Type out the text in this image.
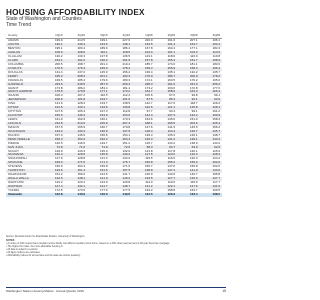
HOUSING AFFORDABILITY INDEX
State of Washington and Counties
Time Trend
County	1Q10	2Q10	3Q10	4Q10	1Q09	2Q09	3Q09	4Q09
ADAMS	199.9	213.5	199.1	227.0	220.0	191.6	207.1	196.1
ASOTIN	140.1	140.4	143.6	148.1	133.5	131.4	154.7	163.4
BENTON	195.1	183.4	189.6	186.4	167.8	163.4	177.1	184.3
CHELAN	109.0	108.0	116.1	118.5	104.4	101.1	103.3	114.5
CLALLAM	130.2	130.3	137.8	136.5	123.1	118.6	116.9	119.8
CLARK	154.1	161.0	160.2	161.9	157.8	155.4	151.7	158.9
COLUMBIA	200.5	198.7	201.4	219.4	185.7	174.0	181.1	183.6
COWLITZ	170.5	176.3	169.6	178.4	159.3	156.9	158.3	166.4
DOUGLAS	131.4	137.2	145.0	156.2	136.4	135.1	132.2	135.7
FERRY	195.2	208.3	201.1	192.3	176.0	186.7	200.0	178.2
FRANKLIN	169.5	185.4	179.6	180.3	172.1	163.5	176.2	165.0
GARFIELD	233.6	249.5	257.0	260.4	238.3	191.6	231.0	256.2
GRANT	173.8	186.2	183.4	181.4	173.2	160.0	172.8	177.6
GRAYS HARBOR	175.5	170.8	177.1	172.2	164.7	158.6	163.3	166.4
ISLAND	106.3	107.2	110.5	112.4	105.6	97.6	99.8	99.1
JEFFERSON	100.6	101.8	103.7	101.6	87.5	86.3	92.1	94.0
KING	131.6	128.4	133.7	138.5	122.7	117.6	118.7	126.2
KITSAP	131.5	133.1	134.6	139.8	122.6	121.1	125.8	128.1
KITTITAS	107.6	105.4	107.3	112.8	97.7	94.3	99.1	101.2
KLICKITAT	155.6	146.3	154.9	153.6	144.4	137.3	142.2	150.9
LEWIS	161.9	162.9	166.1	170.3	154.6	145.0	151.9	158.4
LINCOLN	212.8	214.6	225.9	207.3	188.1	195.5	203.6	225.4
MASON	157.5	155.9	160.7	170.8	147.6	141.5	145.5	156.2
OKANOGAN	134.2	134.3	136.9	137.5	128.4	114.4	126.7	125.7
PACIFIC	157.0	145.6	156.6	154.1	139.4	135.3	146.1	148.7
PEND OREILLE	156.3	154.4	152.2	164.4	146.3	141.2	139.1	143.2
PIERCE	146.5	146.6	149.7	151.2	135.7	133.2	138.9	143.2
SAN JUAN	72.8	71.6	74.9	72.6	68.3	64.7	63.0	63.6
SKAGIT	129.0	130.3	135.0	132.6	121.8	117.8	120.1	125.9
SKAMANIA	132.3	129.6	135.8	140.2	127.5	124.0	120.4	128.3
SNOHOMISH	127.6	128.8	131.0	134.2	119.5	116.5	120.3	124.2
SPOKANE	169.3	171.6	171.3	175.7	160.8	155.2	159.3	162.0
STEVENS	166.9	164.3	169.8	171.6	150.7	147.0	156.8	162.0
THURSTON	149.6	151.4	151.6	157.5	138.8	137.4	141.0	144.0
WAHKIAKUM	151.2	156.0	144.5	141.7	146.9	142.6	140.7	155.8
WALLA WALLA	142.5	148.1	141.9	149.2	133.5	127.7	133.3	137.7
WHATCOM	122.2	123.4	124.9	129.8	114.3	110.0	115.6	117.7
WHITMAN	147.4	132.1	141.7	148.7	131.2	122.1	127.6	131.6
YAKIMA	172.5	174.5	177.6	177.5	163.2	158.8	163.7	169.5
Statewide	142.8	143.9	146.3	149.6	134.5	129.3	133.4	138.5
Source: Runstad Center for Real Estate Studies, University of Washington
NOTES:
• An index of 100 means that a median income family can afford a median priced home, based on a 20% down payment and a 30-year fixed rate mortgage.
• The higher the index, the more affordable housing is.
• All data is subject to revision.
• All figure indices are estimates.
• Affordability indices for all counties and the state are shown quarterly.
Washington State's Housing Market · Annual Quarter 2010	15
